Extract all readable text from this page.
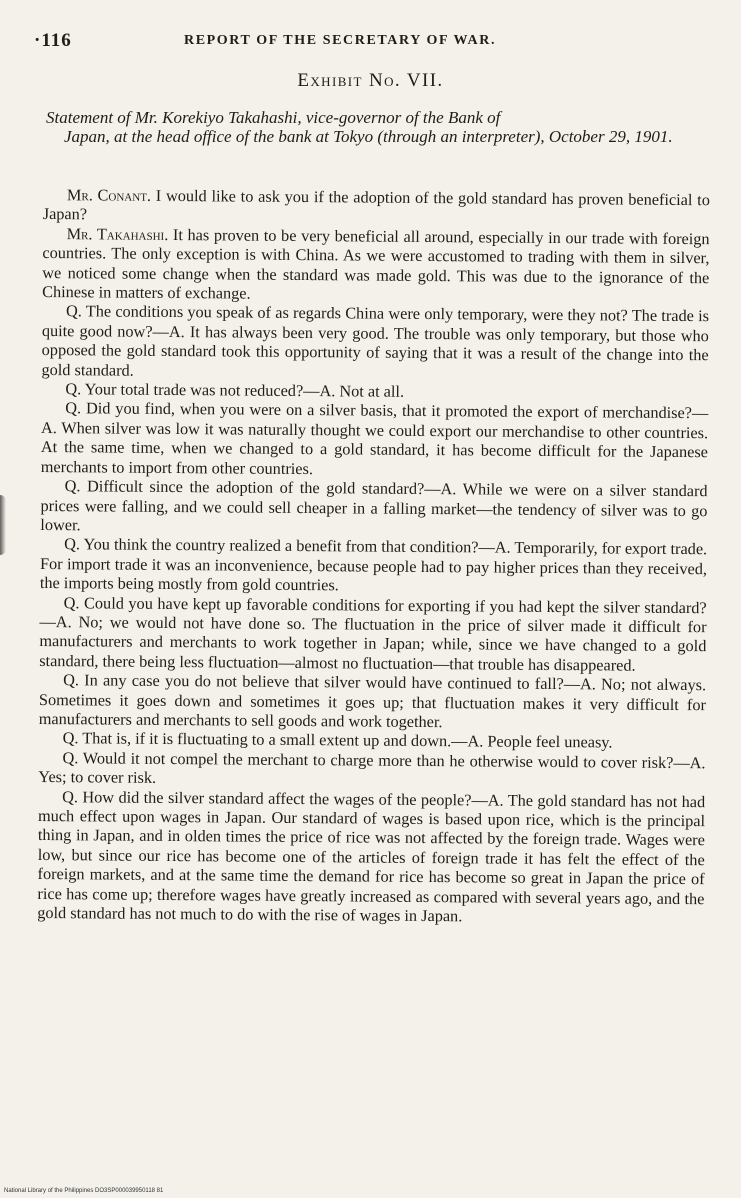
·116	REPORT OF THE SECRETARY OF WAR.
Exhibit No. VII.
Statement of Mr. Korekiyo Takahashi, vice-governor of the Bank of
Japan, at the head office of the bank at Tokyo (through an interpreter), October 29, 1901.

Mr. Conant. I would like to ask you if the adoption of the gold standard has proven beneficial to Japan?

Mr. Takahashi. It has proven to be very beneficial all around, especially in our trade with foreign countries. The only exception is with China. As we were accustomed to trading with them in silver, we noticed some change when the standard was made gold. This was due to the ignorance of the Chinese in matters of exchange.

Q. The conditions you speak of as regards China were only temporary, were they not? The trade is quite good now?—A. It has always been very good. The trouble was only temporary, but those who opposed the gold standard took this opportunity of saying that it was a result of the change into the gold standard.

Q. Your total trade was not reduced?—A. Not at all.

Q. Did you find, when you were on a silver basis, that it promoted the export of merchandise?—A. When silver was low it was naturally thought we could export our merchandise to other countries. At the same time, when we changed to a gold standard, it has become difficult for the Japanese merchants to import from other countries.

Q. Difficult since the adoption of the gold standard?—A. While we were on a silver standard prices were falling, and we could sell cheaper in a falling market—the tendency of silver was to go lower.

Q. You think the country realized a benefit from that condition?—A. Temporarily, for export trade. For import trade it was an inconvenience, because people had to pay higher prices than they received, the imports being mostly from gold countries.

Q. Could you have kept up favorable conditions for exporting if you had kept the silver standard?—A. No; we would not have done so. The fluctuation in the price of silver made it difficult for manufacturers and merchants to work together in Japan; while, since we have changed to a gold standard, there being less fluctuation—almost no fluctuation—that trouble has disappeared.

Q. In any case you do not believe that silver would have continued to fall?—A. No; not always. Sometimes it goes down and sometimes it goes up; that fluctuation makes it very difficult for manufacturers and merchants to sell goods and work together.

Q. That is, if it is fluctuating to a small extent up and down.—A. People feel uneasy.

Q. Would it not compel the merchant to charge more than he otherwise would to cover risk?—A. Yes; to cover risk.

Q. How did the silver standard affect the wages of the people?—A. The gold standard has not had much effect upon wages in Japan. Our standard of wages is based upon rice, which is the principal thing in Japan, and in olden times the price of rice was not affected by the foreign trade. Wages were low, but since our rice has become one of the articles of foreign trade it has felt the effect of the foreign markets, and at the same time the demand for rice has become so great in Japan the price of rice has come up; therefore wages have greatly increased as compared with several years ago, and the gold standard has not much to do with the rise of wages in Japan.

National Library of the Philippines DO3SP000039950118 81
